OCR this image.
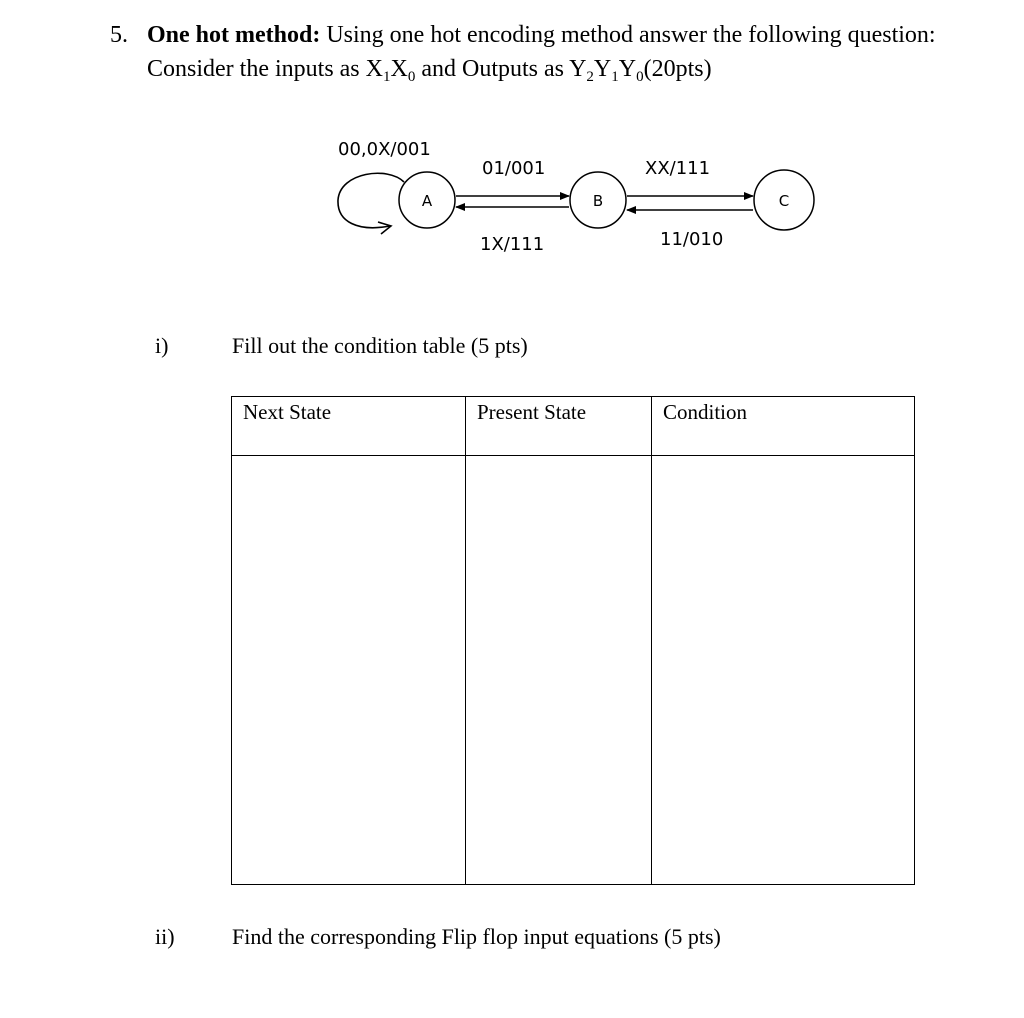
5. One hot method: Using one hot encoding method answer the following question:
Consider the inputs as $X_1X_0$ and Outputs as $Y_2Y_1Y_0(20pts)$
00,0X/001
A	B	C
01/001
1X/111
XX/111
11/010
i)	Fill out the condition table (5 pts)
Next State	Present State	Condition

ii)	Find the corresponding Flip flop input equations (5 pts)
